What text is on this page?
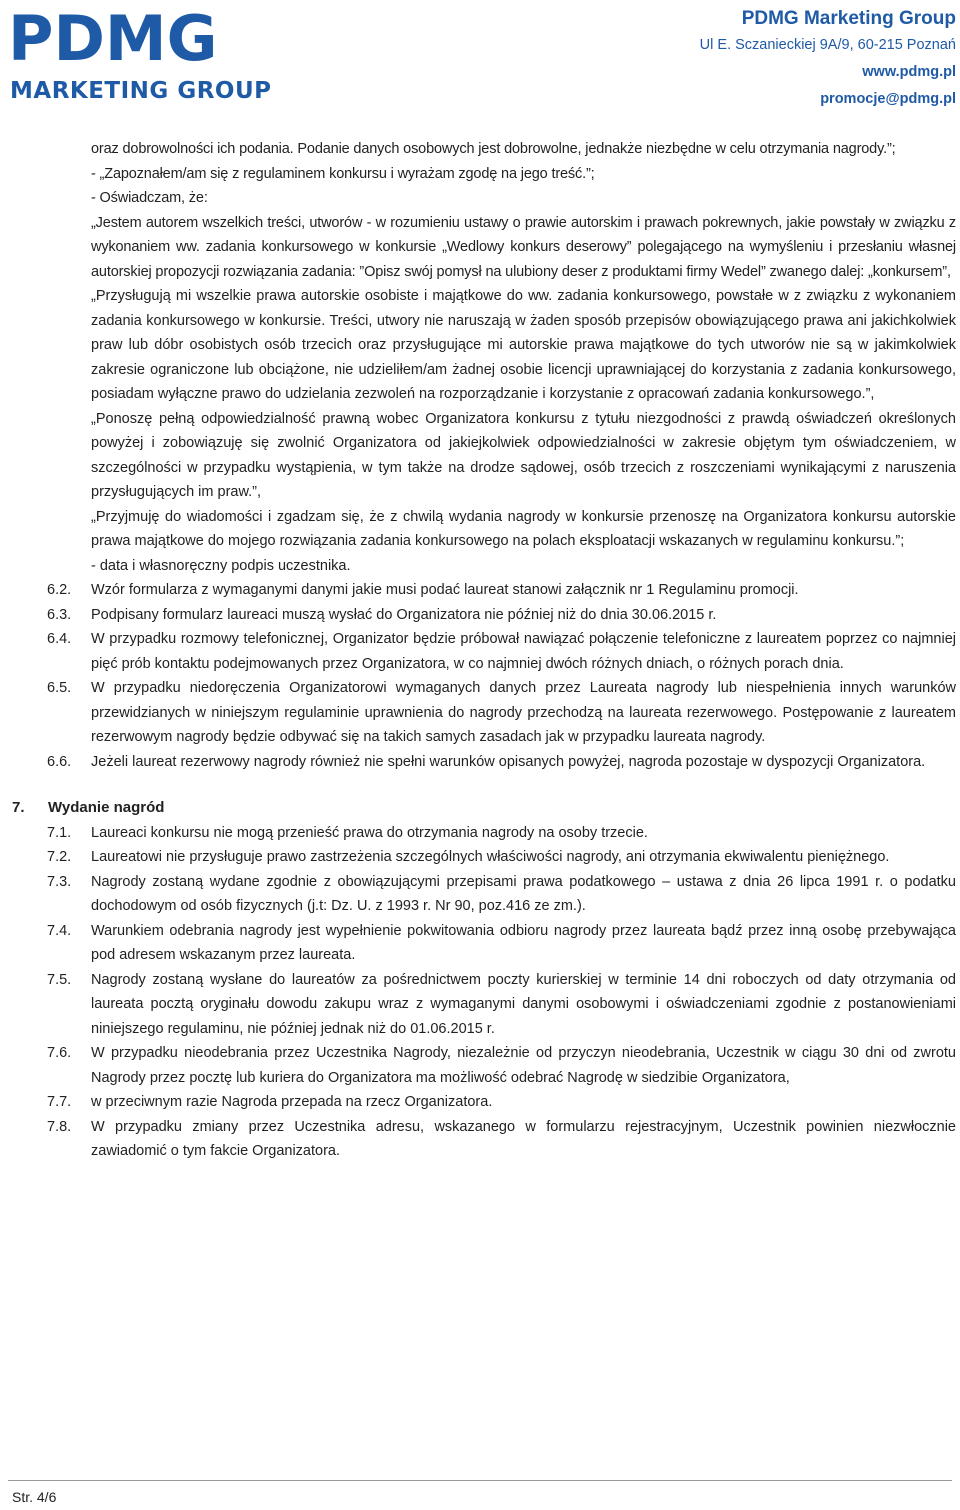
PDMG
MARKETING GROUP
PDMG Marketing Group
Ul E. Sczanieckiej 9A/9, 60-215 Poznań
www.pdmg.pl
promocje@pdmg.pl
oraz dobrowolności ich podania. Podanie danych osobowych jest dobrowolne, jednakże niezbędne w celu otrzymania nagrody.”;
- „Zapoznałem/am się z regulaminem konkursu i wyrażam zgodę na jego treść.”;
- Oświadczam, że:
„Jestem autorem wszelkich treści, utworów - w rozumieniu ustawy o prawie autorskim i prawach pokrewnych, jakie powstały w związku z wykonaniem ww. zadania konkursowego w konkursie „Wedlowy konkurs deserowy” polegającego na wymyśleniu i przesłaniu własnej autorskiej propozycji rozwiązania zadania: ”Opisz swój pomysł na ulubiony deser z produktami firmy Wedel” zwanego dalej: „konkursem”,
„Przysługują mi wszelkie prawa autorskie osobiste i majątkowe do ww. zadania konkursowego, powstałe w z związku z wykonaniem zadania konkursowego w konkursie. Treści, utwory nie naruszają w żaden sposób przepisów obowiązującego prawa ani jakichkolwiek praw lub dóbr osobistych osób trzecich oraz przysługujące mi autorskie prawa majątkowe do tych utworów nie są w jakimkolwiek zakresie ograniczone lub obciążone, nie udzieliłem/am żadnej osobie licencji uprawniającej do korzystania z zadania konkursowego, posiadam wyłączne prawo do udzielania zezwoleń na rozporządzanie i korzystanie z opracowań zadania konkursowego.”,
„Ponoszę pełną odpowiedzialność prawną wobec Organizatora konkursu z tytułu niezgodności z prawdą oświadczeń określonych powyżej i zobowiązuję się zwolnić Organizatora od jakiejkolwiek odpowiedzialności w zakresie objętym tym oświadczeniem, w szczególności w przypadku wystąpienia, w tym także na drodze sądowej, osób trzecich z roszczeniami wynikającymi z naruszenia przysługujących im praw.”,
„Przyjmuję do wiadomości i zgadzam się, że z chwilą wydania nagrody w konkursie przenoszę na Organizatora konkursu autorskie prawa majątkowe do mojego rozwiązania zadania konkursowego na polach eksploatacji wskazanych w regulaminu konkursu.”;
- data i własnoręczny podpis uczestnika.
6.2.	Wzór formularza z wymaganymi danymi jakie musi podać laureat stanowi załącznik nr 1 Regulaminu promocji.
6.3.	Podpisany formularz laureaci muszą wysłać do Organizatora nie później niż do dnia 30.06.2015 r.
6.4.	W przypadku rozmowy telefonicznej, Organizator będzie próbował nawiązać połączenie telefoniczne z laureatem poprzez co najmniej pięć prób kontaktu podejmowanych przez Organizatora, w co najmniej dwóch różnych dniach, o różnych porach dnia.
6.5.	W przypadku niedoręczenia Organizatorowi wymaganych danych przez Laureata nagrody lub niespełnienia innych warunków przewidzianych w niniejszym regulaminie uprawnienia do nagrody przechodzą na laureata rezerwowego. Postępowanie z laureatem rezerwowym nagrody będzie odbywać się na takich samych zasadach jak w przypadku laureata nagrody.
6.6.	Jeżeli laureat rezerwowy nagrody również nie spełni warunków opisanych powyżej, nagroda pozostaje w dyspozycji Organizatora.
7. Wydanie nagród
7.1.	Laureaci konkursu nie mogą przenieść prawa do otrzymania nagrody na osoby trzecie.
7.2.	Laureatowi nie przysługuje prawo zastrzeżenia szczególnych właściwości nagrody, ani otrzymania ekwiwalentu pieniężnego.
7.3.	Nagrody zostaną wydane zgodnie z obowiązującymi przepisami prawa podatkowego – ustawa z dnia 26 lipca 1991 r. o podatku dochodowym od osób fizycznych (j.t: Dz. U. z 1993 r. Nr 90, poz.416 ze zm.).
7.4.	Warunkiem odebrania nagrody jest wypełnienie pokwitowania odbioru nagrody przez laureata bądź przez inną osobę przebywająca pod adresem wskazanym przez laureata.
7.5.	Nagrody zostaną wysłane do laureatów za pośrednictwem poczty kurierskiej w terminie 14 dni roboczych od daty otrzymania od laureata pocztą oryginału dowodu zakupu wraz z wymaganymi danymi osobowymi i oświadczeniami zgodnie z postanowieniami niniejszego regulaminu, nie później jednak niż do 01.06.2015 r.
7.6.	W przypadku nieodebrania przez Uczestnika Nagrody, niezależnie od przyczyn nieodebrania, Uczestnik w ciągu 30 dni od zwrotu Nagrody przez pocztę lub kuriera do Organizatora ma możliwość odebrać Nagrodę w siedzibie Organizatora,
7.7.	w przeciwnym razie Nagroda przepada na rzecz Organizatora.
7.8.	W przypadku zmiany przez Uczestnika adresu, wskazanego w formularzu rejestracyjnym, Uczestnik powinien niezwłocznie zawiadomić o tym fakcie Organizatora.
Str. 4/6
